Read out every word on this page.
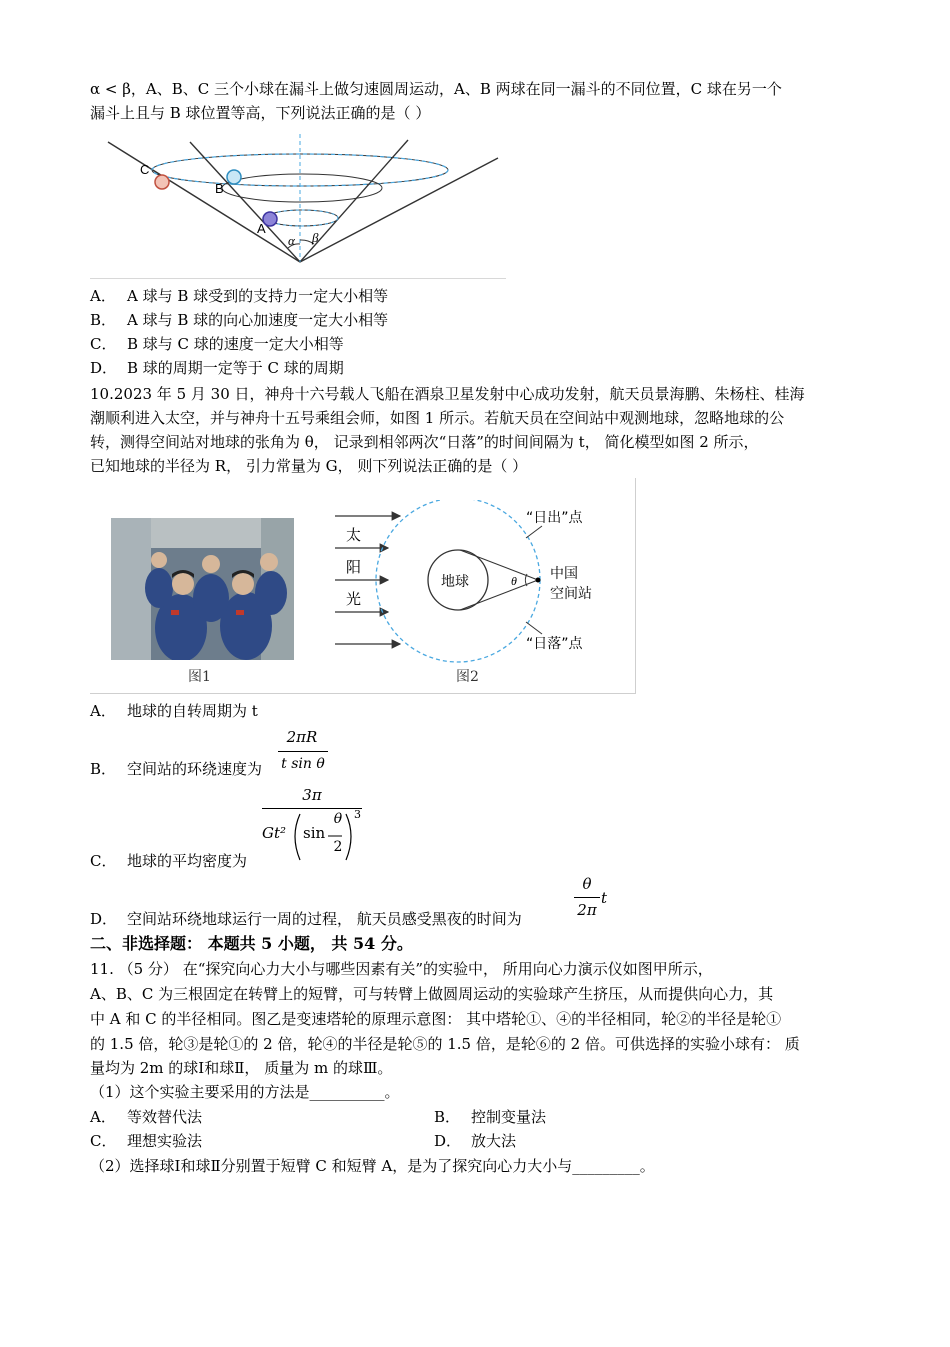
α < β，A、B、C 三个小球在漏斗上做匀速圆周运动，A、B 两球在同一漏斗的不同位置，C 球在另一个
漏斗上且与 B 球位置等高，下列说法正确的是（ ）
C
B
A
α β
A． A 球与 B 球受到的支持力一定大小相等
B． A 球与 B 球的向心加速度一定大小相等
C． B 球与 C 球的速度一定大小相等
D． B 球的周期一定等于 C 球的周期
10.2023 年 5 月 30 日，神舟十六号载人飞船在酒泉卫星发射中心成功发射，航天员景海鹏、朱杨柱、桂海
潮顺利进入太空，并与神舟十五号乘组会师，如图 1 所示。若航天员在空间站中观测地球，忽略地球的公
转，测得空间站对地球的张角为 θ， 记录到相邻两次“日落”的时间间隔为 t， 简化模型如图 2 所示，
已知地球的半径为 R， 引力常量为 G， 则下列说法正确的是（ ）
图1
太
阳
光
地球	θ
“日出”点
中国
空间站
“日落”点
图2
A． 地球的自转周期为 t
B． 空间站的环绕速度为
2πR
t sin θ
C． 地球的平均密度为
3π
Gt² sin
θ
2
3
D． 空间站环绕地球运行一周的过程， 航天员感受黑夜的时间为
θ
2π
t
二、非选择题： 本题共 5 小题， 共 54 分。
11. （5 分） 在“探究向心力大小与哪些因素有关”的实验中， 所用向心力演示仪如图甲所示，
A、B、C 为三根固定在转臂上的短臂，可与转臂上做圆周运动的实验球产生挤压，从而提供向心力，其
中 A 和 C 的半径相同。图乙是变速塔轮的原理示意图： 其中塔轮①、④的半径相同，轮②的半径是轮①
的 1.5 倍，轮③是轮①的 2 倍，轮④的半径是轮⑤的 1.5 倍，是轮⑥的 2 倍。可供选择的实验小球有： 质
量均为 2m 的球Ⅰ和球Ⅱ， 质量为 m 的球Ⅲ。
（1）这个实验主要采用的方法是__________。
A． 等效替代法	B． 控制变量法
C． 理想实验法	D． 放大法
（2）选择球Ⅰ和球Ⅱ分别置于短臂 C 和短臂 A，是为了探究向心力大小与_________。
